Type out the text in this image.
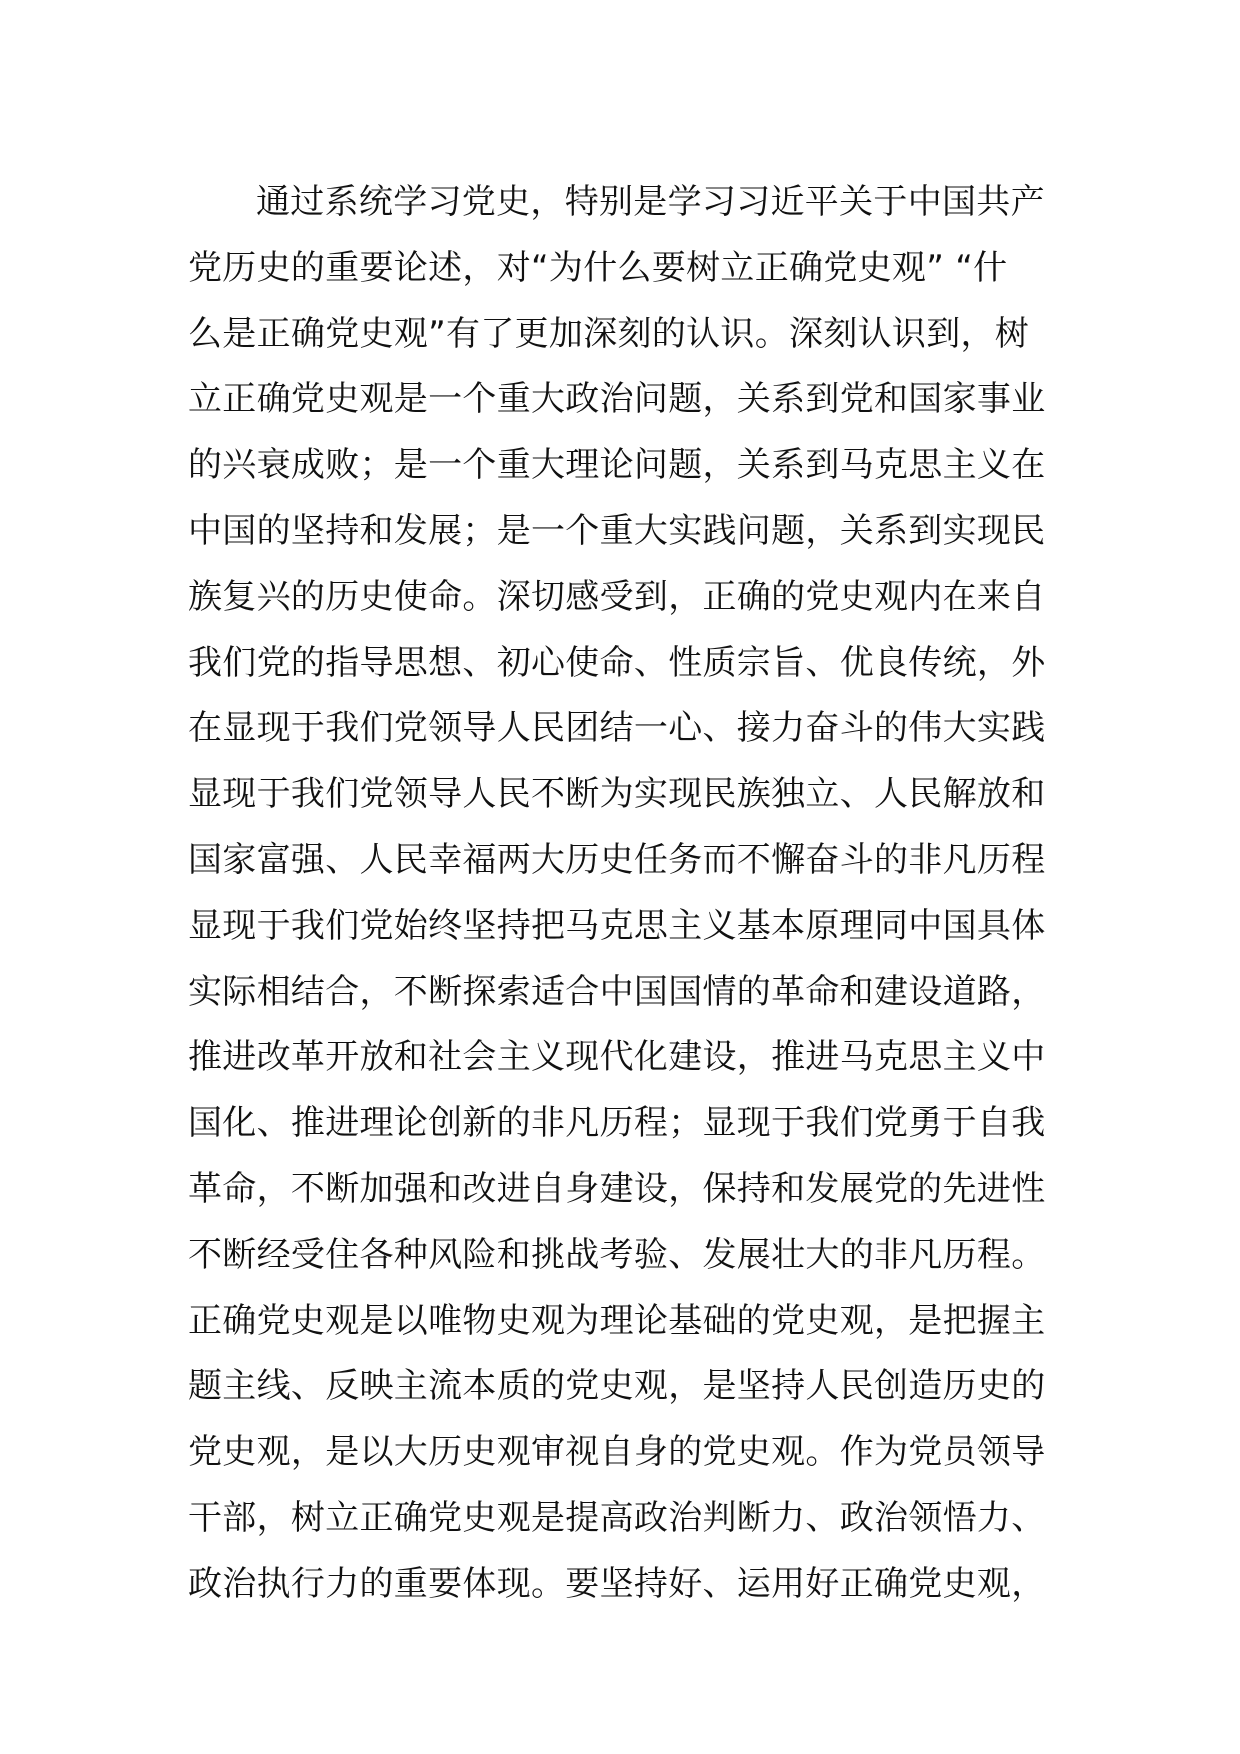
通过系统学习党史，特别是学习习近平关于中国共产
党历史的重要论述，对“为什么要树立正确党史观” “什
么是正确党史观”有了更加深刻的认识。深刻认识到，树
立正确党史观是一个重大政治问题，关系到党和国家事业
的兴衰成败；是一个重大理论问题，关系到马克思主义在
中国的坚持和发展；是一个重大实践问题，关系到实现民
族复兴的历史使命。深切感受到，正确的党史观内在来自
我们党的指导思想、初心使命、性质宗旨、优良传统，外
在显现于我们党领导人民团结一心、接力奋斗的伟大实践
显现于我们党领导人民不断为实现民族独立、人民解放和
国家富强、人民幸福两大历史任务而不懈奋斗的非凡历程
显现于我们党始终坚持把马克思主义基本原理同中国具体
实际相结合，不断探索适合中国国情的革命和建设道路，
推进改革开放和社会主义现代化建设，推进马克思主义中
国化、推进理论创新的非凡历程；显现于我们党勇于自我
革命，不断加强和改进自身建设，保持和发展党的先进性
不断经受住各种风险和挑战考验、发展壮大的非凡历程。
正确党史观是以唯物史观为理论基础的党史观，是把握主
题主线、反映主流本质的党史观，是坚持人民创造历史的
党史观，是以大历史观审视自身的党史观。作为党员领导
干部，树立正确党史观是提高政治判断力、政治领悟力、
政治执行力的重要体现。要坚持好、运用好正确党史观，
